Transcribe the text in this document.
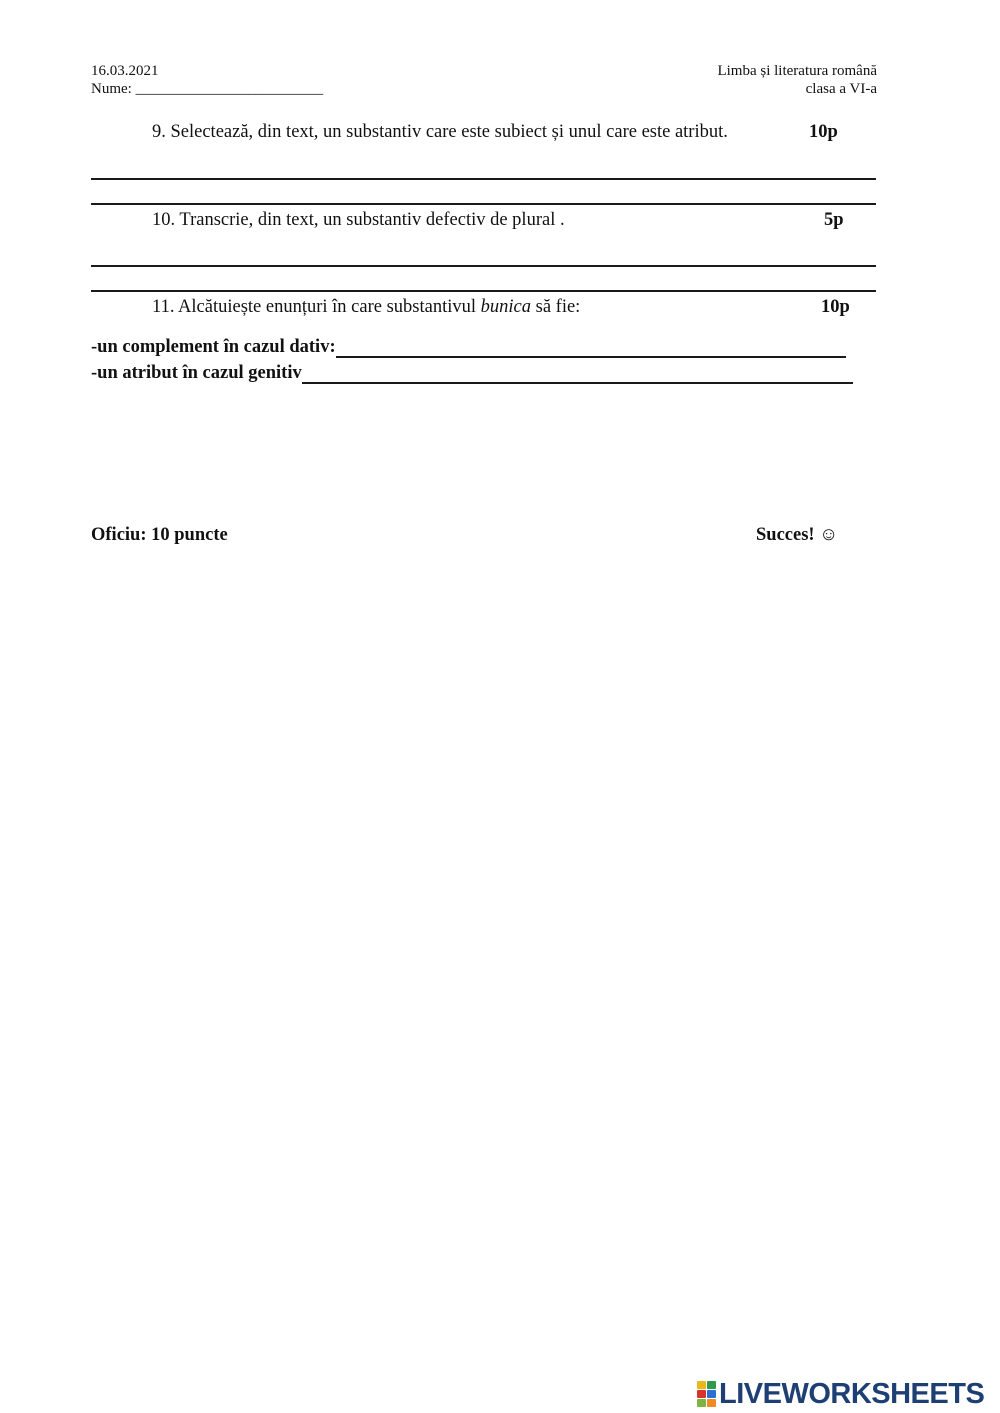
16.03.2021
Nume: _________________________
Limba și literatura română
clasa a VI-a
9. Selectează, din text, un substantiv care este subiect și unul care este atribut.	10p
10. Transcrie, din text, un substantiv defectiv de plural .	5p
11. Alcătuiește enunțuri în care substantivul bunica să fie:	10p
-un complement în cazul dativ:
-un atribut în cazul genitiv
Oficiu: 10 puncte	Succes! ☺
LIVEWORKSHEETS
